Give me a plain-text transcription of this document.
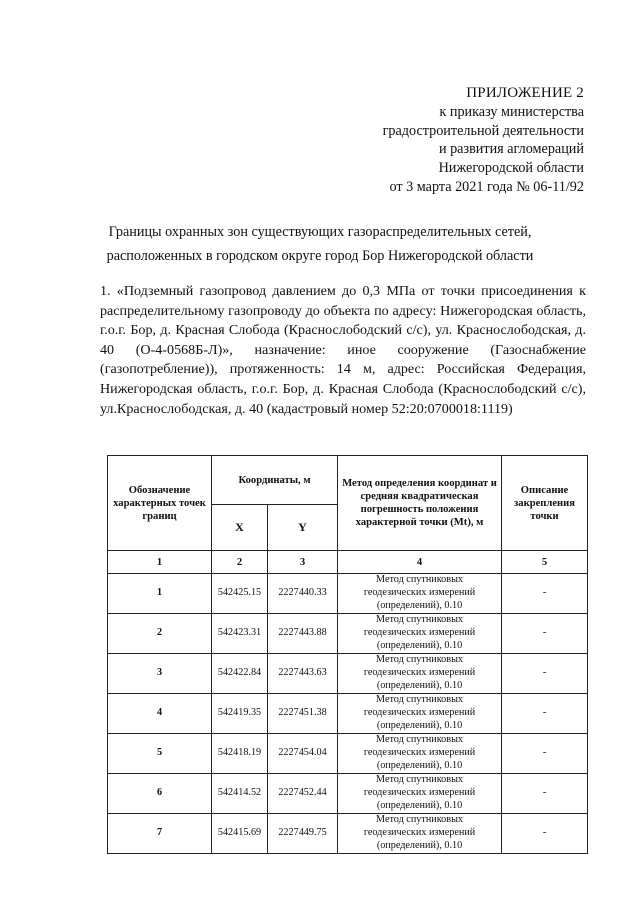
ПРИЛОЖЕНИЕ 2
к приказу министерства
градостроительной деятельности
и развития агломераций
Нижегородской области
от 3 марта 2021 года № 06-11/92
Границы охранных зон существующих газораспределительных сетей,
расположенных в городском округе город Бор Нижегородской области
1. «Подземный газопровод давлением до 0,3 МПа от точки присоединения к распределительному газопроводу до объекта по адресу: Нижегородская область, г.о.г. Бор, д. Красная Слобода (Краснослободский с/с), ул. Краснослободская, д. 40 (О-4-0568Б-Л)», назначение: иное сооружение (Газоснабжение (газопотребление)), протяженность: 14 м, адрес: Российская Федерация, Нижегородская область, г.о.г. Бор, д. Красная Слобода (Краснослободский с/с), ул.Краснослободская, д. 40 (кадастровый номер 52:20:0700018:1119)
Обозначение характерных точек границ	Координаты, м		Метод определения координат и средняя квадратическая погрешность положения характерной точки (Mt), м	Описание закрепления точки
	X	Y		
1	2	3	4	5
1	542425.15	2227440.33	Метод спутниковых
геодезических измерений
(определений), 0.10	-
2	542423.31	2227443.88	Метод спутниковых
геодезических измерений
(определений), 0.10	-
3	542422.84	2227443.63	Метод спутниковых
геодезических измерений
(определений), 0.10	-
4	542419.35	2227451.38	Метод спутниковых
геодезических измерений
(определений), 0.10	-
5	542418.19	2227454.04	Метод спутниковых
геодезических измерений
(определений), 0.10	-
6	542414.52	2227452.44	Метод спутниковых
геодезических измерений
(определений), 0.10	-
7	542415.69	2227449.75	Метод спутниковых
геодезических измерений
(определений), 0.10	-
